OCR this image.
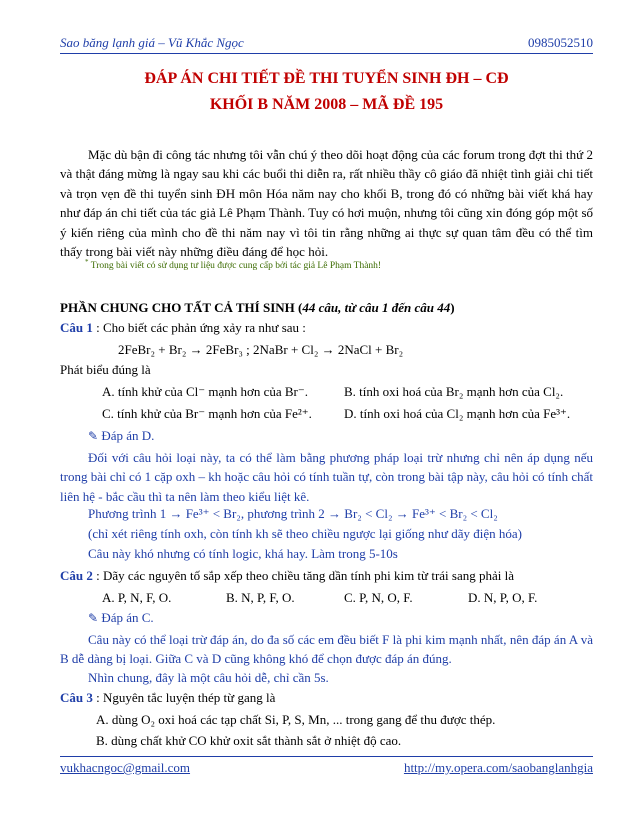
Sao băng lạnh giá – Vũ Khắc Ngọc	0985052510
ĐÁP ÁN CHI TIẾT ĐỀ THI TUYỂN SINH ĐH – CĐ
KHỐI B NĂM 2008 – MÃ ĐỀ 195
Mặc dù bận đi công tác nhưng tôi vẫn chú ý theo dõi hoạt động của các forum trong đợt thi thứ 2 và thật đáng mừng là ngay sau khi các buổi thi diễn ra, rất nhiều thầy cô giáo đã nhiệt tình giải chi tiết và trọn vẹn đề thi tuyển sinh ĐH môn Hóa năm nay cho khối B, trong đó có những bài viết khá hay như đáp án chi tiết của tác giả Lê Phạm Thành. Tuy có hơi muộn, nhưng tôi cũng xin đóng góp một số ý kiến riêng của mình cho đề thi năm nay vì tôi tin rằng những ai thực sự quan tâm đều có thể tìm thấy trong bài viết này những điều đáng để học hỏi.
* Trong bài viết có sử dụng tư liệu được cung cấp bởi tác giả Lê Phạm Thành!
PHẦN CHUNG CHO TẤT CẢ THÍ SINH (44 câu, từ câu 1 đến câu 44)
Câu 1 : Cho biết các phản ứng xảy ra như sau :
2FeBr₂ + Br₂ → 2FeBr₃ ; 2NaBr + Cl₂ → 2NaCl + Br₂
Phát biểu đúng là
A. tính khử của Cl⁻ mạnh hơn của Br⁻.	B. tính oxi hoá của Br₂ mạnh hơn của Cl₂.
C. tính khử của Br⁻ mạnh hơn của Fe²⁺. D. tính oxi hoá của Cl₂ mạnh hơn của Fe³⁺.
✎ Đáp án D.
Đối với câu hỏi loại này, ta có thể làm bằng phương pháp loại trừ nhưng chỉ nên áp dụng nếu trong bài chỉ có 1 cặp oxh – kh hoặc câu hỏi có tính tuần tự, còn trong bài tập này, câu hỏi có tính chất liên hệ - bắc cầu thì ta nên làm theo kiểu liệt kê.
Phương trình 1 → Fe³⁺ < Br₂, phương trình 2 → Br₂ < Cl₂ → Fe³⁺ < Br₂ < Cl₂
(chỉ xét riêng tính oxh, còn tính kh sẽ theo chiều ngược lại giống như dãy điện hóa)
Câu này khó nhưng có tính logic, khá hay. Làm trong 5-10s
Câu 2 : Dãy các nguyên tố sắp xếp theo chiều tăng dần tính phi kim từ trái sang phải là
A. P, N, F, O.	B. N, P, F, O.	C. P, N, O, F.	D. N, P, O, F.
✎ Đáp án C.
Câu này có thể loại trừ đáp án, do đa số các em đều biết F là phi kim mạnh nhất, nên đáp án A và B dễ dàng bị loại. Giữa C và D cũng không khó để chọn được đáp án đúng.
Nhìn chung, đây là một câu hỏi dễ, chỉ cần 5s.
Câu 3 : Nguyên tắc luyện thép từ gang là
A. dùng O₂ oxi hoá các tạp chất Si, P, S, Mn, ... trong gang để thu được thép.
B. dùng chất khử CO khử oxit sắt thành sắt ở nhiệt độ cao.
vukhacngoc@gmail.com	http://my.opera.com/saobanglanhgia
